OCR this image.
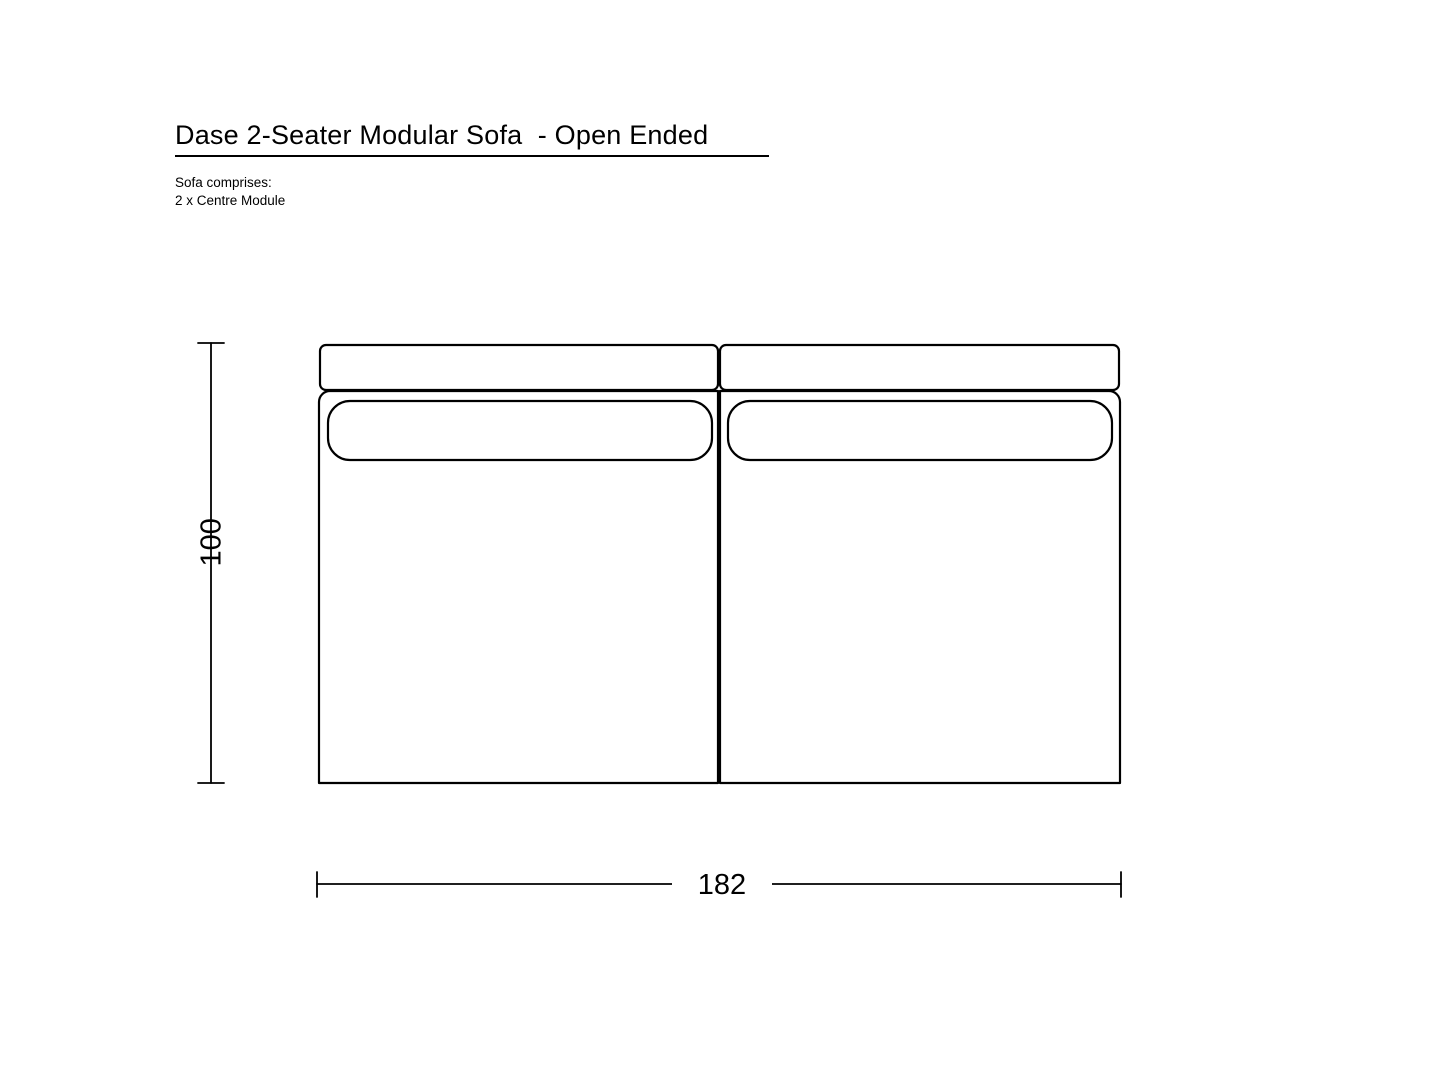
Dase 2-Seater Modular Sofa  - Open Ended
Sofa comprises:
2 x Centre Module
100
182
